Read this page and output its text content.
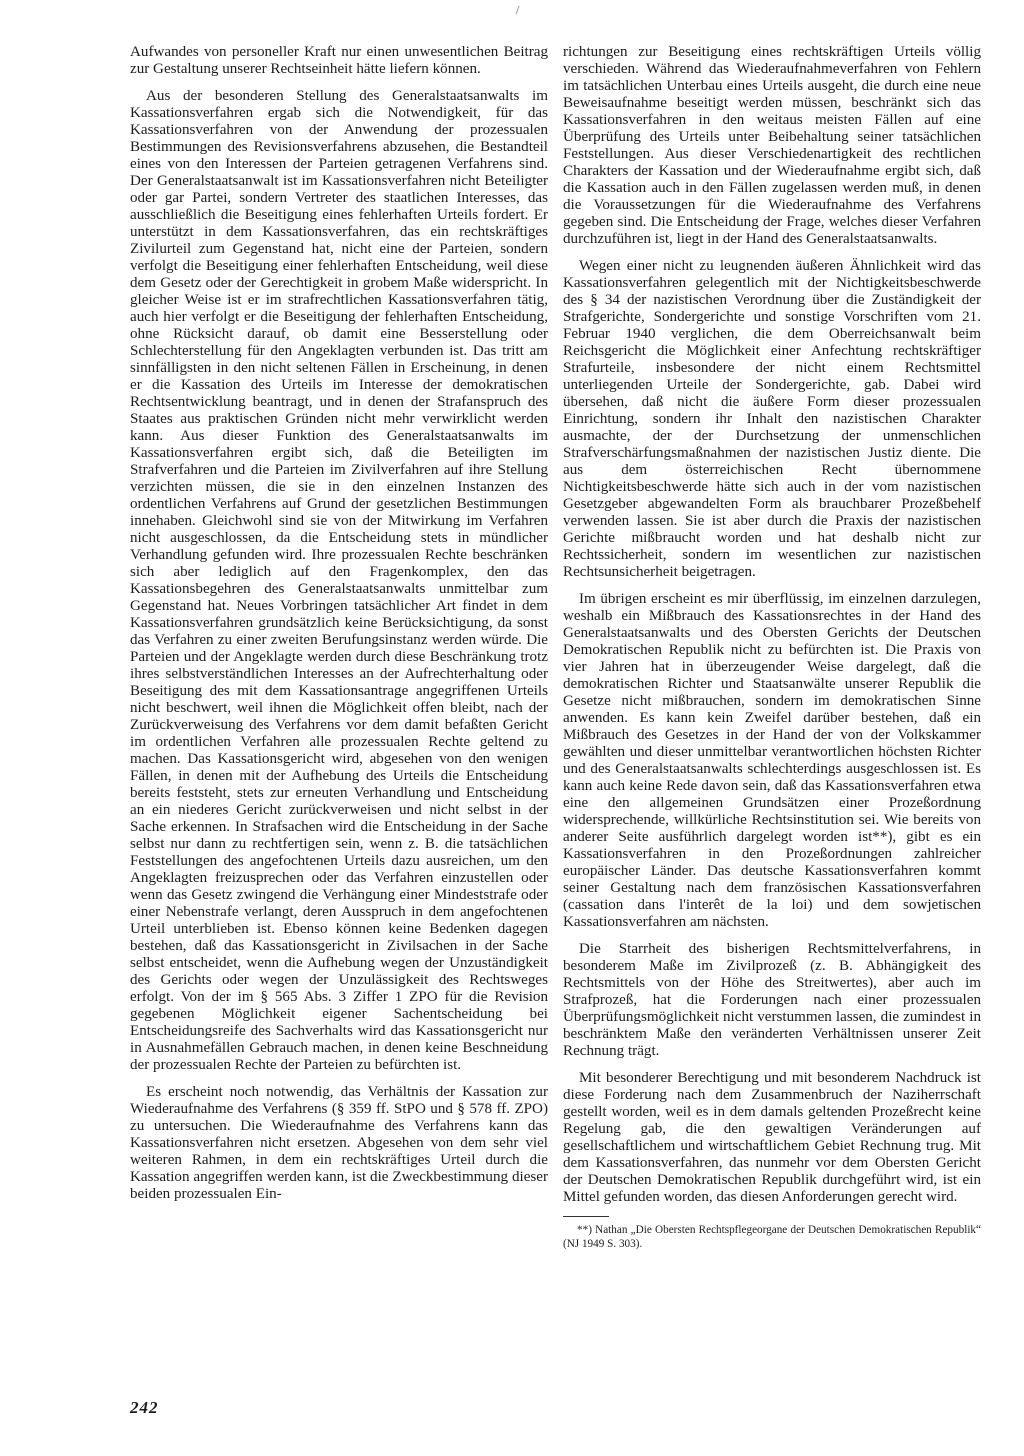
Aufwandes von personeller Kraft nur einen unwesentlichen Beitrag zur Gestaltung unserer Rechtseinheit hätte liefern können.

Aus der besonderen Stellung des Generalstaatsanwalts im Kassationsverfahren ergab sich die Notwendigkeit, für das Kassationsverfahren von der Anwendung der prozessualen Bestimmungen des Revisionsverfahrens abzusehen, die Bestandteil eines von den Interessen der Parteien getragenen Verfahrens sind. Der Generalstaatsanwalt ist im Kassationsverfahren nicht Beteiligter oder gar Partei, sondern Vertreter des staatlichen Interesses, das ausschließlich die Beseitigung eines fehlerhaften Urteils fordert. Er unterstützt in dem Kassationsverfahren, das ein rechtskräftiges Zivilurteil zum Gegenstand hat, nicht eine der Parteien, sondern verfolgt die Beseitigung einer fehlerhaften Entscheidung, weil diese dem Gesetz oder der Gerechtigkeit in grobem Maße widerspricht. In gleicher Weise ist er im strafrechtlichen Kassationsverfahren tätig, auch hier verfolgt er die Beseitigung der fehlerhaften Entscheidung, ohne Rücksicht darauf, ob damit eine Besserstellung oder Schlechterstellung für den Angeklagten verbunden ist. Das tritt am sinnfälligsten in den nicht seltenen Fällen in Erscheinung, in denen er die Kassation des Urteils im Interesse der demokratischen Rechtsentwicklung beantragt, und in denen der Strafanspruch des Staates aus praktischen Gründen nicht mehr verwirklicht werden kann. Aus dieser Funktion des Generalstaatsanwalts im Kassationsverfahren ergibt sich, daß die Beteiligten im Strafverfahren und die Parteien im Zivilverfahren auf ihre Stellung verzichten müssen, die sie in den einzelnen Instanzen des ordentlichen Verfahrens auf Grund der gesetzlichen Bestimmungen innehaben. Gleichwohl sind sie von der Mitwirkung im Verfahren nicht ausgeschlossen, da die Entscheidung stets in mündlicher Verhandlung gefunden wird. Ihre prozessualen Rechte beschränken sich aber lediglich auf den Fragenkomplex, den das Kassationsbegehren des Generalstaatsanwalts unmittelbar zum Gegenstand hat. Neues Vorbringen tatsächlicher Art findet in dem Kassationsverfahren grundsätzlich keine Berücksichtigung, da sonst das Verfahren zu einer zweiten Berufungsinstanz werden würde. Die Parteien und der Angeklagte werden durch diese Beschränkung trotz ihres selbstverständlichen Interesses an der Aufrechterhaltung oder Beseitigung des mit dem Kassationsantrage angegriffenen Urteils nicht beschwert, weil ihnen die Möglichkeit offen bleibt, nach der Zurückverweisung des Verfahrens vor dem damit befaßten Gericht im ordentlichen Verfahren alle prozessualen Rechte geltend zu machen. Das Kassationsgericht wird, abgesehen von den wenigen Fällen, in denen mit der Aufhebung des Urteils die Entscheidung bereits feststeht, stets zur erneuten Verhandlung und Entscheidung an ein niederes Gericht zurückverweisen und nicht selbst in der Sache erkennen. In Strafsachen wird die Entscheidung in der Sache selbst nur dann zu rechtfertigen sein, wenn z. B. die tatsächlichen Feststellungen des angefochtenen Urteils dazu ausreichen, um den Angeklagten freizusprechen oder das Verfahren einzustellen oder wenn das Gesetz zwingend die Verhängung einer Mindeststrafe oder einer Nebenstrafe verlangt, deren Ausspruch in dem angefochtenen Urteil unterblieben ist. Ebenso können keine Bedenken dagegen bestehen, daß das Kassationsgericht in Zivilsachen in der Sache selbst entscheidet, wenn die Aufhebung wegen der Unzuständigkeit des Gerichts oder wegen der Unzulässigkeit des Rechtsweges erfolgt. Von der im § 565 Abs. 3 Ziffer 1 ZPO für die Revision gegebenen Möglichkeit eigener Sachentscheidung bei Entscheidungsreife des Sachverhalts wird das Kassationsgericht nur in Ausnahmefällen Gebrauch machen, in denen keine Beschneidung der prozessualen Rechte der Parteien zu befürchten ist.

Es erscheint noch notwendig, das Verhältnis der Kassation zur Wiederaufnahme des Verfahrens (§ 359 ff. StPO und § 578 ff. ZPO) zu untersuchen. Die Wiederaufnahme des Verfahrens kann das Kassationsverfahren nicht ersetzen. Abgesehen von dem sehr viel weiteren Rahmen, in dem ein rechtskräftiges Urteil durch die Kassation angegriffen werden kann, ist die Zweckbestimmung dieser beiden prozessualen Ein-

richtungen zur Beseitigung eines rechtskräftigen Urteils völlig verschieden. Während das Wiederaufnahmeverfahren von Fehlern im tatsächlichen Unterbau eines Urteils ausgeht, die durch eine neue Beweisaufnahme beseitigt werden müssen, beschränkt sich das Kassationsverfahren in den weitaus meisten Fällen auf eine Überprüfung des Urteils unter Beibehaltung seiner tatsächlichen Feststellungen. Aus dieser Verschiedenartigkeit des rechtlichen Charakters der Kassation und der Wiederaufnahme ergibt sich, daß die Kassation auch in den Fällen zugelassen werden muß, in denen die Voraussetzungen für die Wiederaufnahme des Verfahrens gegeben sind. Die Entscheidung der Frage, welches dieser Verfahren durchzuführen ist, liegt in der Hand des Generalstaatsanwalts.

Wegen einer nicht zu leugnenden äußeren Ähnlichkeit wird das Kassationsverfahren gelegentlich mit der Nichtigkeitsbeschwerde des § 34 der nazistischen Verordnung über die Zuständigkeit der Strafgerichte, Sondergerichte und sonstige Vorschriften vom 21. Februar 1940 verglichen, die dem Oberreichsanwalt beim Reichsgericht die Möglichkeit einer Anfechtung rechtskräftiger Strafurteile, insbesondere der nicht einem Rechtsmittel unterliegenden Urteile der Sondergerichte, gab. Dabei wird übersehen, daß nicht die äußere Form dieser prozessualen Einrichtung, sondern ihr Inhalt den nazistischen Charakter ausmachte, der der Durchsetzung der unmenschlichen Strafverschärfungsmaßnahmen der nazistischen Justiz diente. Die aus dem österreichischen Recht übernommene Nichtigkeitsbeschwerde hätte sich auch in der vom nazistischen Gesetzgeber abgewandelten Form als brauchbarer Prozeßbehelf verwenden lassen. Sie ist aber durch die Praxis der nazistischen Gerichte mißbraucht worden und hat deshalb nicht zur Rechtssicherheit, sondern im wesentlichen zur nazistischen Rechtsunsicherheit beigetragen.

Im übrigen erscheint es mir überflüssig, im einzelnen darzulegen, weshalb ein Mißbrauch des Kassationsrechtes in der Hand des Generalstaatsanwalts und des Obersten Gerichts der Deutschen Demokratischen Republik nicht zu befürchten ist. Die Praxis von vier Jahren hat in überzeugender Weise dargelegt, daß die demokratischen Richter und Staatsanwälte unserer Republik die Gesetze nicht mißbrauchen, sondern im demokratischen Sinne anwenden. Es kann kein Zweifel darüber bestehen, daß ein Mißbrauch des Gesetzes in der Hand der von der Volkskammer gewählten und dieser unmittelbar verantwortlichen höchsten Richter und des Generalstaatsanwalts schlechterdings ausgeschlossen ist. Es kann auch keine Rede davon sein, daß das Kassationsverfahren etwa eine den allgemeinen Grundsätzen einer Prozeßordnung widersprechende, willkürliche Rechtsinstitution sei. Wie bereits von anderer Seite ausführlich dargelegt worden ist**), gibt es ein Kassationsverfahren in den Prozeßordnungen zahlreicher europäischer Länder. Das deutsche Kassationsverfahren kommt seiner Gestaltung nach dem französischen Kassationsverfahren (cassation dans l'interêt de la loi) und dem sowjetischen Kassationsverfahren am nächsten.

Die Starrheit des bisherigen Rechtsmittelverfahrens, in besonderem Maße im Zivilprozeß (z. B. Abhängigkeit des Rechtsmittels von der Höhe des Streitwertes), aber auch im Strafprozeß, hat die Forderungen nach einer prozessualen Überprüfungsmöglichkeit nicht verstummen lassen, die zumindest in beschränktem Maße den veränderten Verhältnissen unserer Zeit Rechnung trägt.

Mit besonderer Berechtigung und mit besonderem Nachdruck ist diese Forderung nach dem Zusammenbruch der Naziherrschaft gestellt worden, weil es in dem damals geltenden Prozeßrecht keine Regelung gab, die den gewaltigen Veränderungen auf gesellschaftlichem und wirtschaftlichem Gebiet Rechnung trug. Mit dem Kassationsverfahren, das nunmehr vor dem Obersten Gericht der Deutschen Demokratischen Republik durchgeführt wird, ist ein Mittel gefunden worden, das diesen Anforderungen gerecht wird.

**) Nathan „Die Obersten Rechtspflegeorgane der Deutschen Demokratischen Republik“ (NJ 1949 S. 303).

242
